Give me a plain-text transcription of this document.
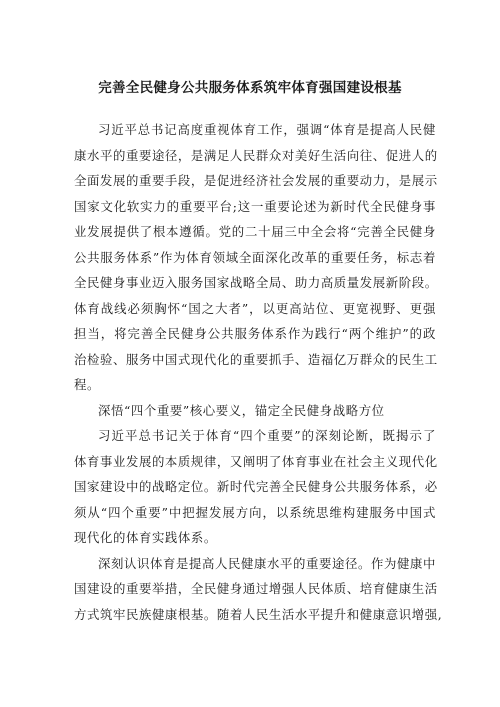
完善全民健身公共服务体系筑牢体育强国建设根基

习近平总书记高度重视体育工作，强调“体育是提高人民健
康水平的重要途径，是满足人民群众对美好生活向往、促进人的
全面发展的重要手段，是促进经济社会发展的重要动力，是展示
国家文化软实力的重要平台;这一重要论述为新时代全民健身事
业发展提供了根本遵循。党的二十届三中全会将“完善全民健身
公共服务体系”作为体育领域全面深化改革的重要任务，标志着
全民健身事业迈入服务国家战略全局、助力高质量发展新阶段。
体育战线必须胸怀“国之大者”，以更高站位、更宽视野、更强
担当，将完善全民健身公共服务体系作为践行“两个维护”的政
治检验、服务中国式现代化的重要抓手、造福亿万群众的民生工
程。

深悟“四个重要”核心要义，锚定全民健身战略方位

习近平总书记关于体育“四个重要”的深刻论断，既揭示了
体育事业发展的本质规律，又阐明了体育事业在社会主义现代化
国家建设中的战略定位。新时代完善全民健身公共服务体系，必
须从“四个重要”中把握发展方向，以系统思维构建服务中国式
现代化的体育实践体系。

深刻认识体育是提高人民健康水平的重要途径。作为健康中
国建设的重要举措，全民健身通过增强人民体质、培育健康生活
方式筑牢民族健康根基。随着人民生活水平提升和健康意识增强,
